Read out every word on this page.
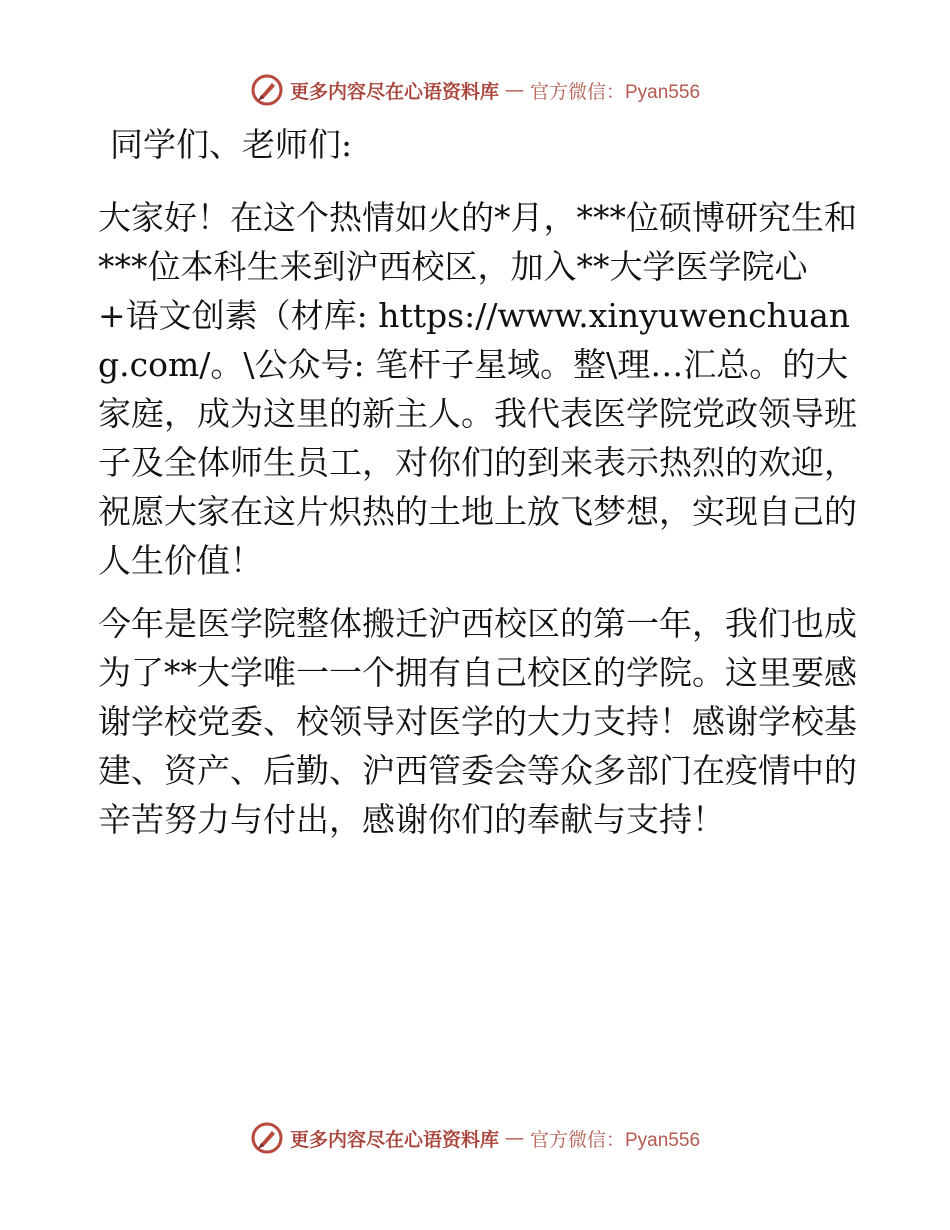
更多内容尽在心语资料库 — 官方微信：Pyan556

同学们、老师们:

大家好！在这个热情如火的*月，***位硕博研究生和***位本科生来到沪西校区，加入**大学医学院心+语文创素（材库: https://www.xinyuwenchuang.com/。\公众号: 笔杆子星域。整\理…汇总。的大家庭，成为这里的新主人。我代表医学院党政领导班子及全体师生员工，对你们的到来表示热烈的欢迎，祝愿大家在这片炽热的土地上放飞梦想，实现自己的人生价值！

今年是医学院整体搬迁沪西校区的第一年，我们也成为了**大学唯一一个拥有自己校区的学院。这里要感谢学校党委、校领导对医学的大力支持！感谢学校基建、资产、后勤、沪西管委会等众多部门在疫情中的辛苦努力与付出，感谢你们的奉献与支持！

更多内容尽在心语资料库 — 官方微信：Pyan556
